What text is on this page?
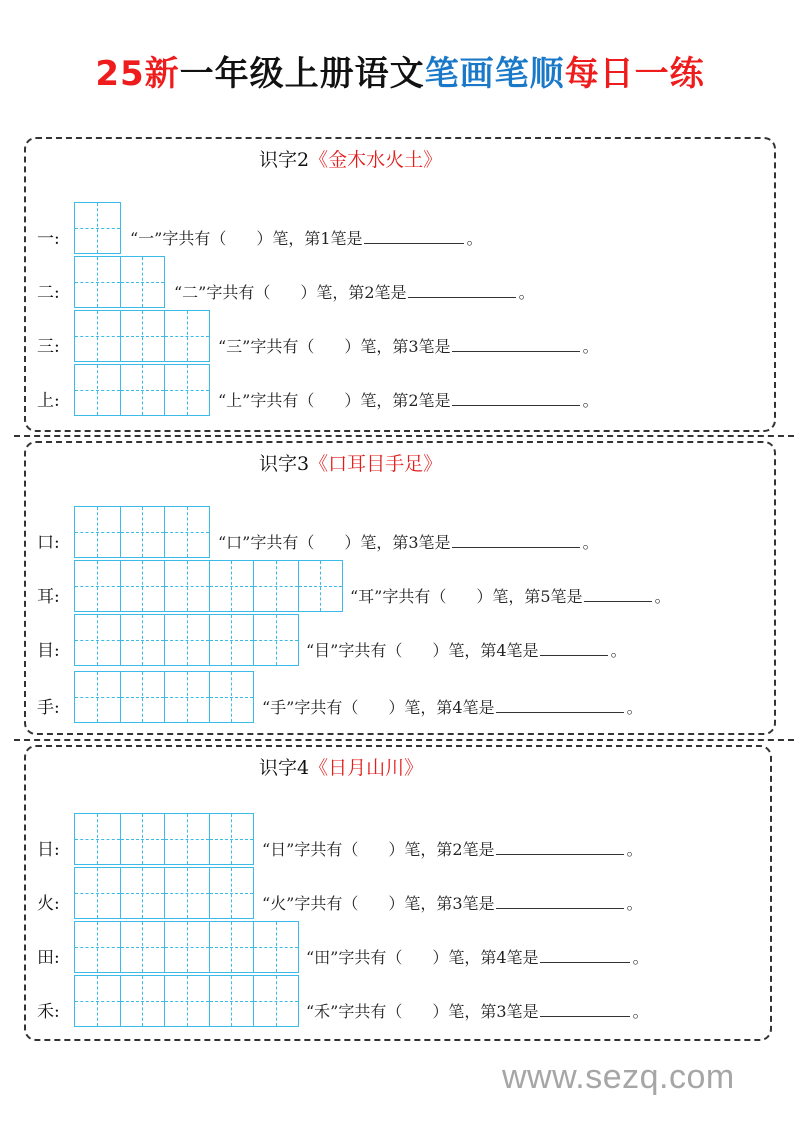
25新一年级上册语文笔画笔顺每日一练
识字2《金木水火土》
一:	“一”字共有（ ）笔，第1笔是	。
二:	“二”字共有（ ）笔，第2笔是	。
三:	“三”字共有（ ）笔，第3笔是	。
上:	“上”字共有（ ）笔，第2笔是	。
识字3《口耳目手足》
口:	“口”字共有（ ）笔，第3笔是	。
耳:	“耳”字共有（ ）笔，第5笔是	。
目:	“目”字共有（ ）笔，第4笔是	。
手:	“手”字共有（ ）笔，第4笔是	。
识字4《日月山川》
日:	“日”字共有（ ）笔，第2笔是	。
火:	“火”字共有（ ）笔，第3笔是	。
田:	“田”字共有（ ）笔，第4笔是	。
禾:	“禾”字共有（ ）笔，第3笔是	。
www.sezq.com
